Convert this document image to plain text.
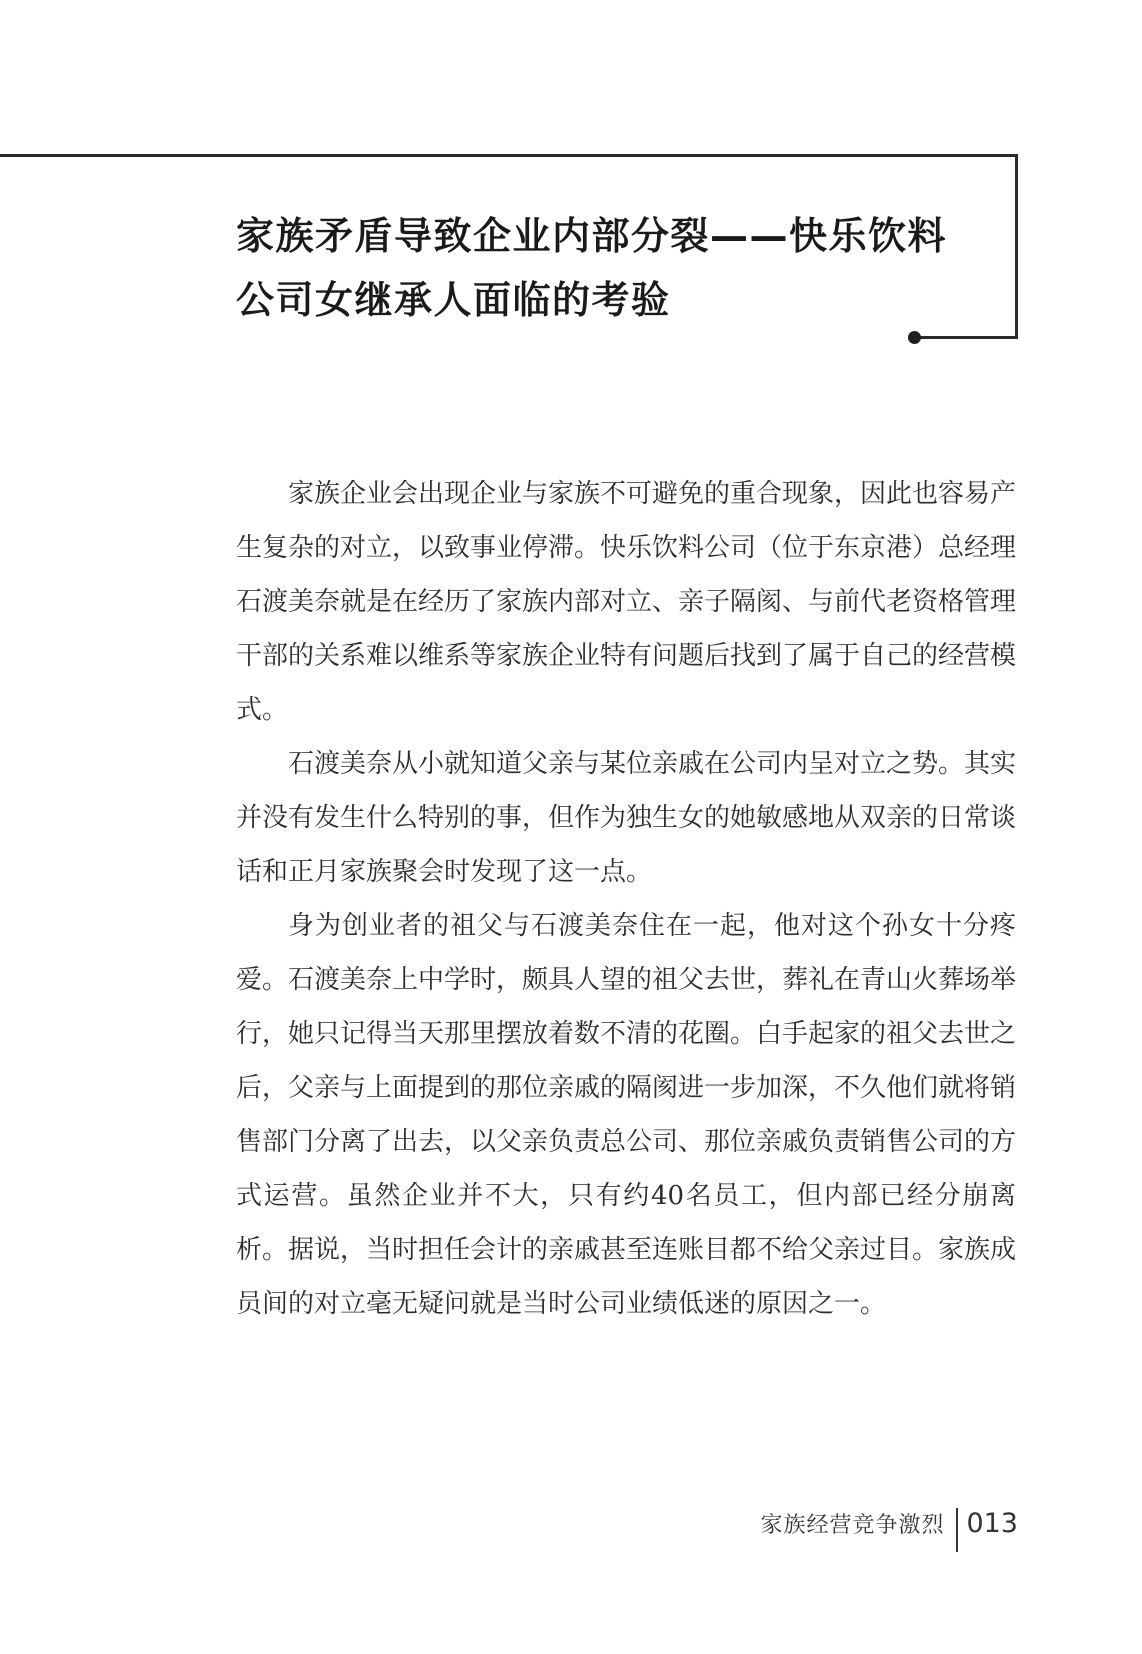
家族矛盾导致企业内部分裂——快乐饮料
公司女继承人面临的考验

家族企业会出现企业与家族不可避免的重合现象，因此也容易产生复杂的对立，以致事业停滞。快乐饮料公司（位于东京港）总经理石渡美奈就是在经历了家族内部对立、亲子隔阂、与前代老资格管理干部的关系难以维系等家族企业特有问题后找到了属于自己的经营模式。

石渡美奈从小就知道父亲与某位亲戚在公司内呈对立之势。其实并没有发生什么特别的事，但作为独生女的她敏感地从双亲的日常谈话和正月家族聚会时发现了这一点。

身为创业者的祖父与石渡美奈住在一起，他对这个孙女十分疼爱。石渡美奈上中学时，颇具人望的祖父去世，葬礼在青山火葬场举行，她只记得当天那里摆放着数不清的花圈。白手起家的祖父去世之后，父亲与上面提到的那位亲戚的隔阂进一步加深，不久他们就将销售部门分离了出去，以父亲负责总公司、那位亲戚负责销售公司的方式运营。虽然企业并不大，只有约40名员工，但内部已经分崩离析。据说，当时担任会计的亲戚甚至连账目都不给父亲过目。家族成员间的对立毫无疑问就是当时公司业绩低迷的原因之一。

家族经营竞争激烈 013
